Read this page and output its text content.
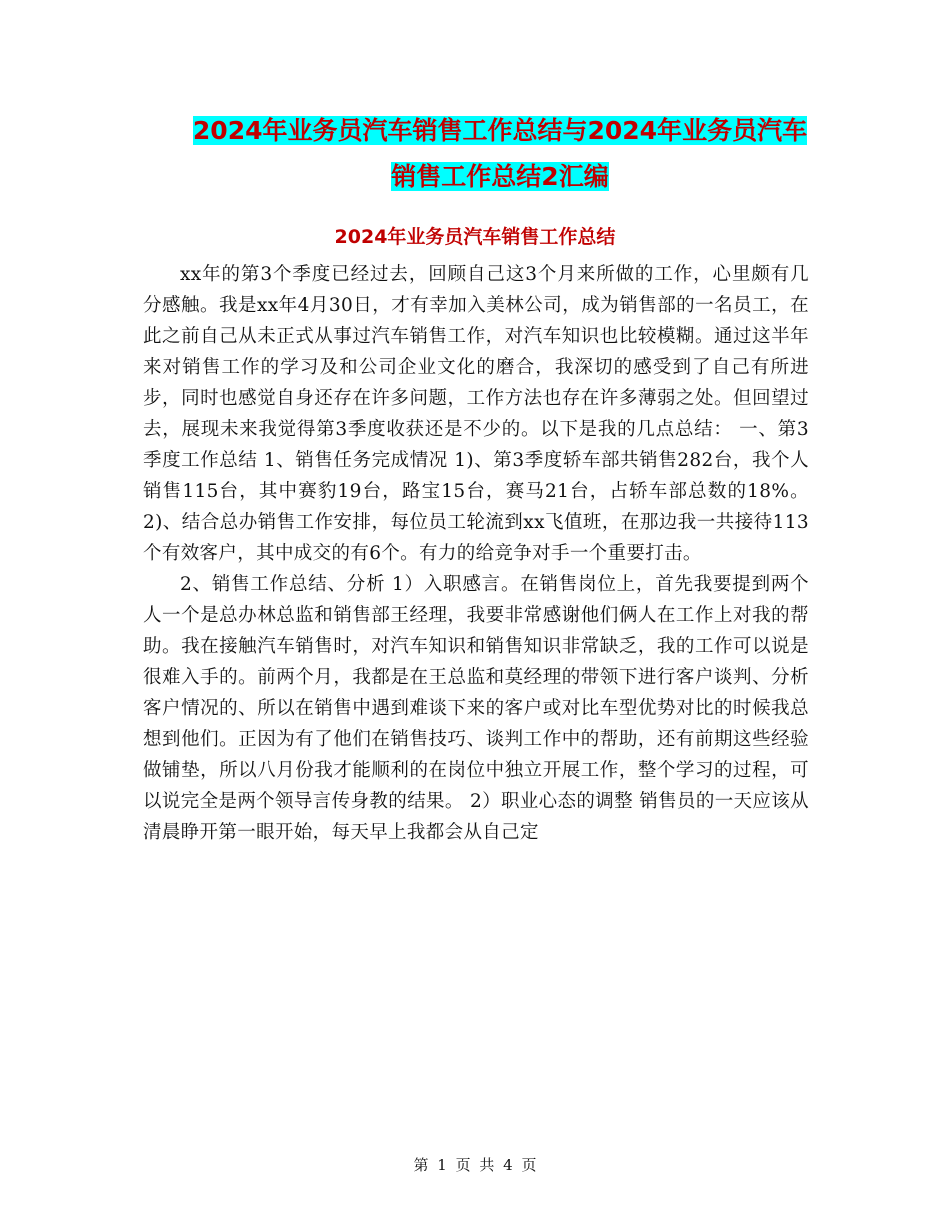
2024年业务员汽车销售工作总结与2024年业务员汽车
销售工作总结2汇编
2024年业务员汽车销售工作总结

xx年的第3个季度已经过去，回顾自己这3个月来所做的工作，心里颇有几分感触。我是xx年4月30日，才有幸加入美林公司，成为销售部的一名员工，在此之前自己从未正式从事过汽车销售工作，对汽车知识也比较模糊。通过这半年来对销售工作的学习及和公司企业文化的磨合，我深切的感受到了自己有所进步，同时也感觉自身还存在许多问题，工作方法也存在许多薄弱之处。但回望过去，展现未来我觉得第3季度收获还是不少的。以下是我的几点总结： 一、第3季度工作总结 1、销售任务完成情况 1)、第3季度轿车部共销售282台，我个人销售115台，其中赛豹19台，路宝15台，赛马21台，占轿车部总数的18%。 2)、结合总办销售工作安排，每位员工轮流到xx飞值班，在那边我一共接待113个有效客户，其中成交的有6个。有力的给竞争对手一个重要打击。

2、销售工作总结、分析 1）入职感言。在销售岗位上，首先我要提到两个人一个是总办林总监和销售部王经理，我要非常感谢他们俩人在工作上对我的帮助。我在接触汽车销售时，对汽车知识和销售知识非常缺乏，我的工作可以说是很难入手的。前两个月，我都是在王总监和莫经理的带领下进行客户谈判、分析客户情况的、所以在销售中遇到难谈下来的客户或对比车型优势对比的时候我总想到他们。正因为有了他们在销售技巧、谈判工作中的帮助，还有前期这些经验做铺垫，所以八月份我才能顺利的在岗位中独立开展工作，整个学习的过程，可以说完全是两个领导言传身教的结果。 2）职业心态的调整 销售员的一天应该从清晨睁开第一眼开始，每天早上我都会从自己定

第 1 页 共 4 页
